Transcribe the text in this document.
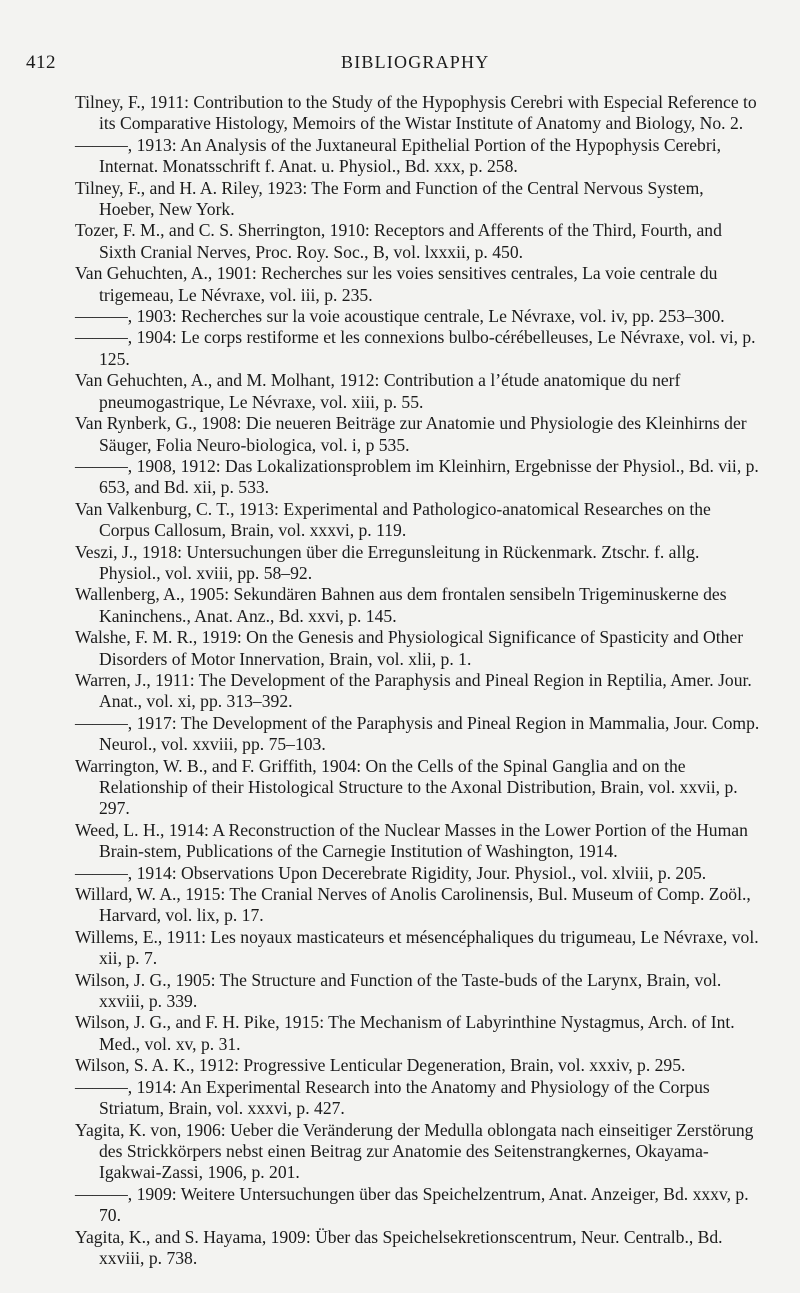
412	BIBLIOGRAPHY
Tilney, F., 1911: Contribution to the Study of the Hypophysis Cerebri with Especial Reference to its Comparative Histology, Memoirs of the Wistar Institute of Anatomy and Biology, No. 2.
———, 1913: An Analysis of the Juxtaneural Epithelial Portion of the Hypophysis Cerebri, Internat. Monatsschrift f. Anat. u. Physiol., Bd. xxx, p. 258.
Tilney, F., and H. A. Riley, 1923: The Form and Function of the Central Nervous System, Hoeber, New York.
Tozer, F. M., and C. S. Sherrington, 1910: Receptors and Afferents of the Third, Fourth, and Sixth Cranial Nerves, Proc. Roy. Soc., B, vol. lxxxii, p. 450.
Van Gehuchten, A., 1901: Recherches sur les voies sensitives centrales, La voie centrale du trigemeau, Le Névraxe, vol. iii, p. 235.
———, 1903: Recherches sur la voie acoustique centrale, Le Névraxe, vol. iv, pp. 253–300.
———, 1904: Le corps restiforme et les connexions bulbo-cérébelleuses, Le Névraxe, vol. vi, p. 125.
Van Gehuchten, A., and M. Molhant, 1912: Contribution a l’étude anatomique du nerf pneumogastrique, Le Névraxe, vol. xiii, p. 55.
Van Rynberk, G., 1908: Die neueren Beiträge zur Anatomie und Physiologie des Kleinhirns der Säuger, Folia Neuro-biologica, vol. i, p 535.
———, 1908, 1912: Das Lokalizationsproblem im Kleinhirn, Ergebnisse der Physiol., Bd. vii, p. 653, and Bd. xii, p. 533.
Van Valkenburg, C. T., 1913: Experimental and Pathologico-anatomical Researches on the Corpus Callosum, Brain, vol. xxxvi, p. 119.
Veszi, J., 1918: Untersuchungen über die Erregunsleitung in Rückenmark. Ztschr. f. allg. Physiol., vol. xviii, pp. 58–92.
Wallenberg, A., 1905: Sekundären Bahnen aus dem frontalen sensibeln Trigeminuskerne des Kaninchens., Anat. Anz., Bd. xxvi, p. 145.
Walshe, F. M. R., 1919: On the Genesis and Physiological Significance of Spasticity and Other Disorders of Motor Innervation, Brain, vol. xlii, p. 1.
Warren, J., 1911: The Development of the Paraphysis and Pineal Region in Reptilia, Amer. Jour. Anat., vol. xi, pp. 313–392.
———, 1917: The Development of the Paraphysis and Pineal Region in Mammalia, Jour. Comp. Neurol., vol. xxviii, pp. 75–103.
Warrington, W. B., and F. Griffith, 1904: On the Cells of the Spinal Ganglia and on the Relationship of their Histological Structure to the Axonal Distribution, Brain, vol. xxvii, p. 297.
Weed, L. H., 1914: A Reconstruction of the Nuclear Masses in the Lower Portion of the Human Brain-stem, Publications of the Carnegie Institution of Washington, 1914.
———, 1914: Observations Upon Decerebrate Rigidity, Jour. Physiol., vol. xlviii, p. 205.
Willard, W. A., 1915: The Cranial Nerves of Anolis Carolinensis, Bul. Museum of Comp. Zoöl., Harvard, vol. lix, p. 17.
Willems, E., 1911: Les noyaux masticateurs et mésencéphaliques du trigumeau, Le Névraxe, vol. xii, p. 7.
Wilson, J. G., 1905: The Structure and Function of the Taste-buds of the Larynx, Brain, vol. xxviii, p. 339.
Wilson, J. G., and F. H. Pike, 1915: The Mechanism of Labyrinthine Nystagmus, Arch. of Int. Med., vol. xv, p. 31.
Wilson, S. A. K., 1912: Progressive Lenticular Degeneration, Brain, vol. xxxiv, p. 295.
———, 1914: An Experimental Research into the Anatomy and Physiology of the Corpus Striatum, Brain, vol. xxxvi, p. 427.
Yagita, K. von, 1906: Ueber die Veränderung der Medulla oblongata nach einseitiger Zerstörung des Strickkörpers nebst einen Beitrag zur Anatomie des Seitenstrangkernes, Okayama-Igakwai-Zassi, 1906, p. 201.
———, 1909: Weitere Untersuchungen über das Speichelzentrum, Anat. Anzeiger, Bd. xxxv, p. 70.
Yagita, K., and S. Hayama, 1909: Über das Speichelsekretionscentrum, Neur. Centralb., Bd. xxviii, p. 738.
